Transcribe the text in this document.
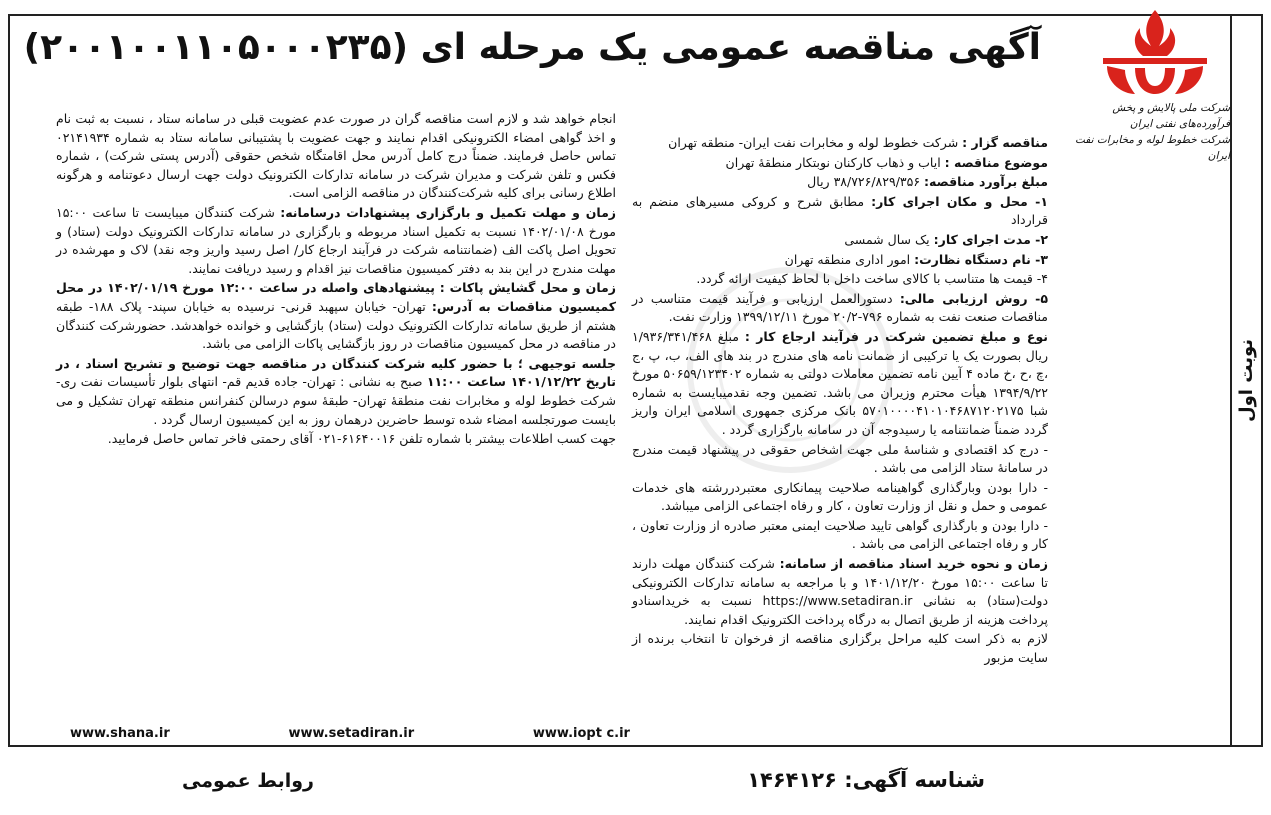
نوبت اول
آگهی مناقصه عمومی یک مرحله ای (۲۰۰۱۰۰۱۱۰۵۰۰۰۲۳۵)
شرکت ملی پالایش و پخش فرآورده‌های نفتی ایران
شرکت خطوط لوله و مخابرات نفت ایران

مناقصه گزار : شرکت خطوط لوله و مخابرات نفت ایران- منطقه تهران

موضوع مناقصه : ایاب و ذهاب کارکنان نوبتکار منطقهٔ تهران

مبلغ برآورد مناقصه: ۳۸/۷۲۶/۸۲۹/۳۵۶ ریال

۱- محل و مکان اجرای کار: مطابق شرح و کروکی مسیرهای منضم به قرارداد

۲- مدت اجرای کار: یک سال شمسی

۳- نام دستگاه نظارت: امور اداری منطقه تهران

۴- قیمت ها متناسب با کالای ساخت داخل با لحاظ کیفیت ارائه گردد.

۵- روش ارزیابی مالی: دستورالعمل ارزیابی و فرآیند قیمت متناسب در مناقصات صنعت نفت به شماره ۷۹۶-۲۰/۲ مورخ ۱۳۹۹/۱۲/۱۱ وزارت نفت.

نوع و مبلغ تضمین شرکت در فرآیند ارجاع کار : مبلغ ۱/۹۳۶/۳۴۱/۴۶۸ ریال بصورت یک یا ترکیبی از ضمانت نامه های مندرج در بند های الف، ب، پ ،ج ،چ ،ح ،خ ماده ۴ آیین نامه تضمین معاملات دولتی به شماره ۵۰۶۵۹/۱۲۳۴۰۲ مورخ ۱۳۹۴/۹/۲۲ هیأت محترم وزیران می باشد. تضمین وجه نقدمیبایست به شماره شبا ۵۷۰۱۰۰۰۰۴۱۰۱۰۴۶۸۷۱۲۰۲۱۷۵ بانک مرکزی جمهوری اسلامی ایران واریز گردد ضمناً ضمانتنامه یا رسیدوجه آن در سامانه بارگزاری گردد .

- درج کد اقتصادی و شناسهٔ ملی جهت اشخاص حقوقی در پیشنهاد قیمت مندرج در سامانهٔ ستاد الزامی می باشد .

- دارا بودن وبارگذاری گواهینامه صلاحیت پیمانکاری معتبردررشته های خدمات عمومی و حمل و نقل از وزارت تعاون ، کار و رفاه اجتماعی الزامی میباشد.

- دارا بودن و بارگذاری گواهی تایید صلاحیت ایمنی معتبر صادره از وزارت تعاون ، کار و رفاه اجتماعی الزامی می باشد .

زمان و نحوه خرید اسناد مناقصه از سامانه: شرکت کنندگان مهلت دارند تا ساعت ۱۵:۰۰ مورخ ۱۴۰۱/۱۲/۲۰ و با مراجعه به سامانه تدارکات الکترونیکی دولت(ستاد) به نشانی https://www.setadiran.ir نسبت به خریداسنادو پرداخت هزینه از طریق اتصال به درگاه پرداخت الکترونیک اقدام نمایند.

لازم به ذکر است کلیه مراحل برگزاری مناقصه از فرخوان تا انتخاب برنده از سایت مزبور

انجام خواهد شد و لازم است مناقصه گران در صورت عدم عضویت قبلی در سامانه ستاد ، نسبت به ثبت نام و اخذ گواهی امضاء الکترونیکی اقدام نمایند و جهت عضویت با پشتیبانی سامانه ستاد به شماره ۰۲۱۴۱۹۳۴ تماس حاصل فرمایند. ضمناً درج کامل آدرس محل اقامتگاه شخص حقوقی (آدرس پستی شرکت) ، شماره فکس و تلفن شرکت و مدیران شرکت در سامانه تدارکات الکترونیک دولت جهت ارسال دعوتنامه و هرگونه اطلاع رسانی برای کلیه شرکت‌کنندگان در مناقصه الزامی است.

زمان و مهلت تکمیل و بارگزاری پیشنهادات درسامانه: شرکت کنندگان میبایست تا ساعت ۱۵:۰۰ مورخ ۱۴۰۲/۰۱/۰۸ نسبت به تکمیل اسناد مربوطه و بارگزاری در سامانه تدارکات الکترونیک دولت (ستاد) و تحویل اصل پاکت الف (ضمانتنامه شرکت در فرآیند ارجاع کار/ اصل رسید واریز وجه نقد) لاک و مهرشده در مهلت مندرج در این بند به دفتر کمیسیون مناقصات نیز اقدام و رسید دریافت نمایند.

زمان و محل گشایش پاکات : پیشنهادهای واصله در ساعت ۱۲:۰۰ مورخ ۱۴۰۲/۰۱/۱۹ در محل کمیسیون مناقصات به آدرس: تهران- خیابان سپهبد قرنی- نرسیده به خیابان سپند- پلاک ۱۸۸- طبقه هشتم از طریق سامانه تدارکات الکترونیک دولت (ستاد) بازگشایی و خوانده خواهدشد. حضورشرکت کنندگان در مناقصه در محل کمیسیون مناقصات در روز بازگشایی پاکات الزامی می باشد.

جلسه توجیهی ؛ با حضور کلیه شرکت کنندگان در مناقصه جهت توضیح و تشریح اسناد ، در تاریخ ۱۴۰۱/۱۲/۲۲ ساعت ۱۱:۰۰ صبح به نشانی : تهران- جاده قدیم قم- انتهای بلوار تأسیسات نفت ری- شرکت خطوط لوله و مخابرات نفت منطقهٔ تهران- طبقهٔ سوم درسالن کنفرانس منطقه تهران تشکیل و می بایست صورتجلسه امضاء شده توسط حاضرین درهمان روز به این کمیسیون ارسال گردد .

جهت کسب اطلاعات بیشتر با شماره تلفن ۶۱۶۴۰۰۱۶-۰۲۱ آقای رحمتی فاخر تماس حاصل فرمایید.

www.shana.ir	www.setadiran.ir	www.iopt c.ir
شناسه آگهی: ۱۴۶۴۱۲۶
روابط عمومی
